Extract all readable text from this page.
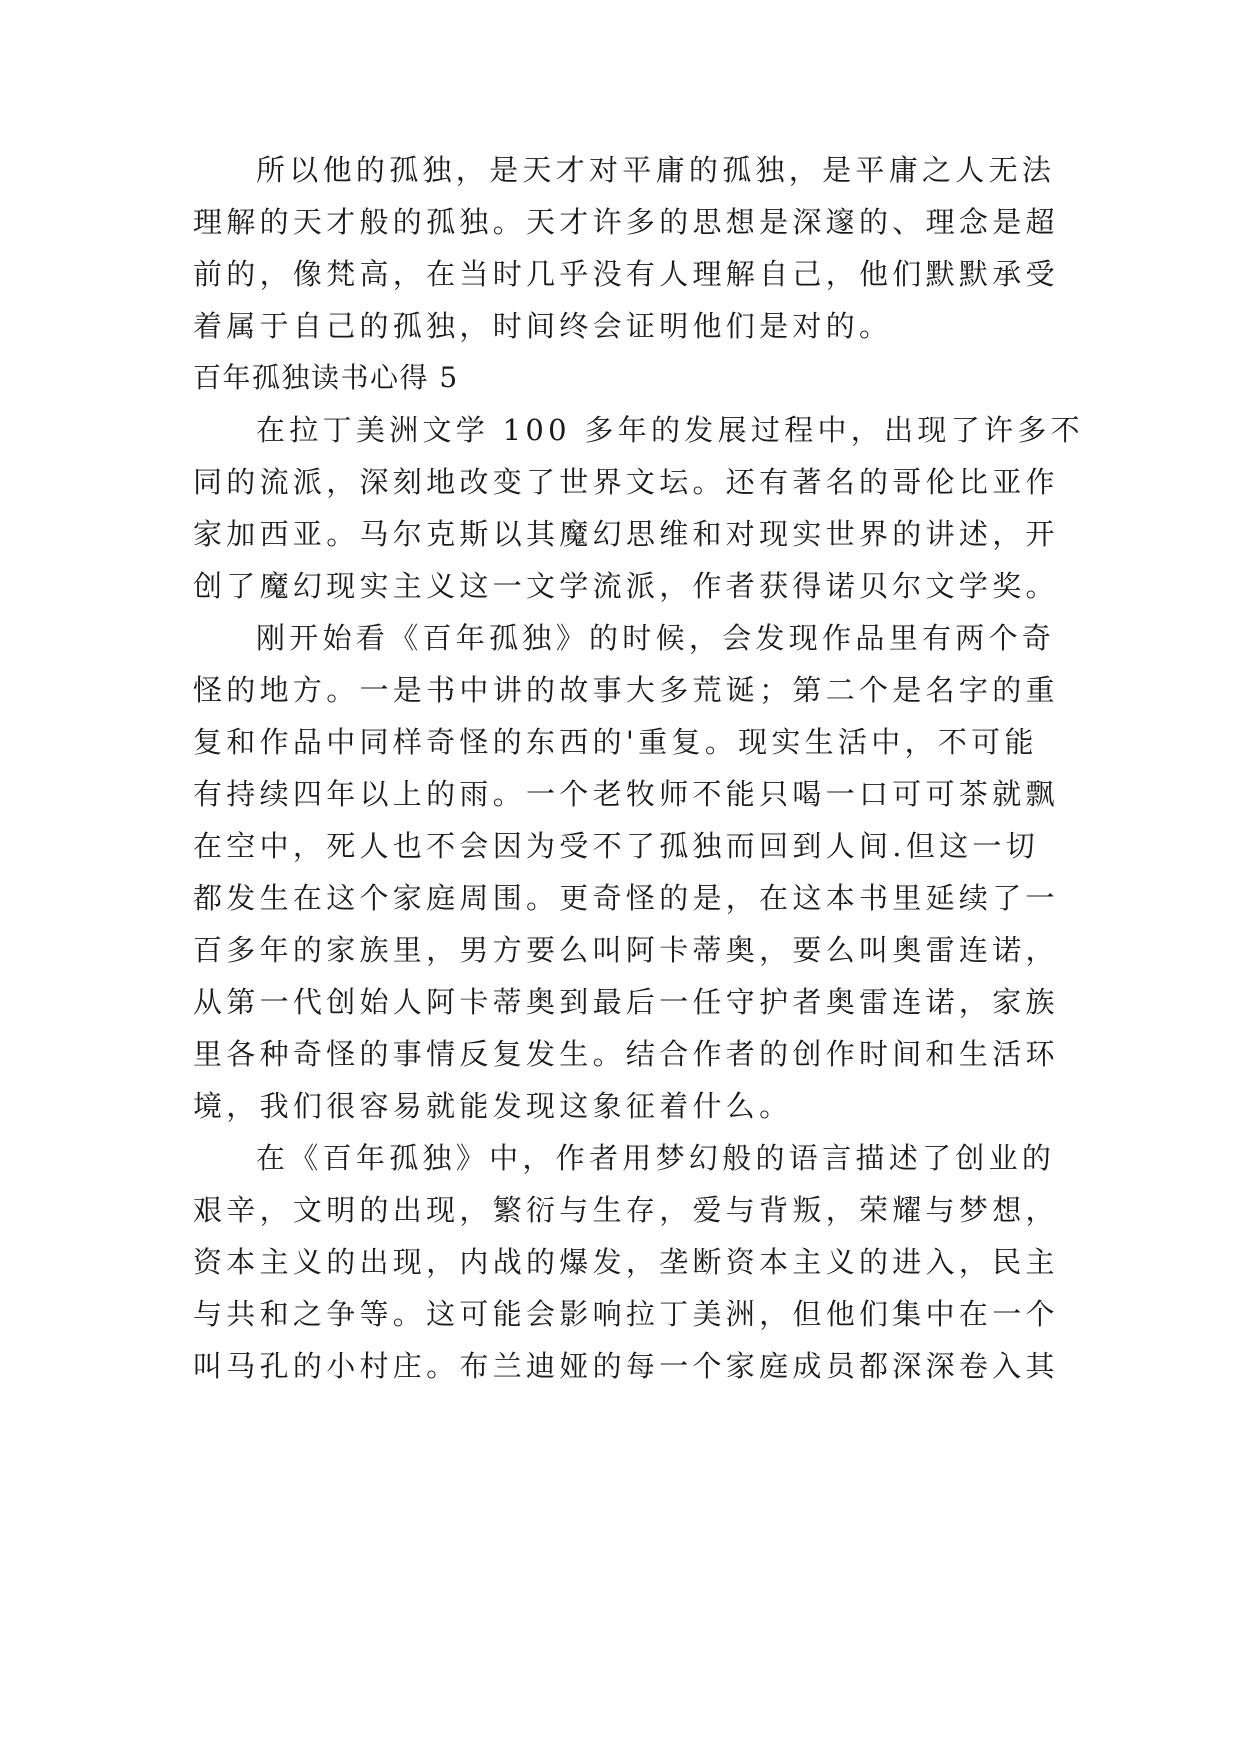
所以他的孤独，是天才对平庸的孤独，是平庸之人无法

理解的天才般的孤独。天才许多的思想是深邃的、理念是超

前的，像梵高，在当时几乎没有人理解自己，他们默默承受

着属于自己的孤独，时间终会证明他们是对的。

百年孤独读书心得 5

在拉丁美洲文学 100 多年的发展过程中，出现了许多不

同的流派，深刻地改变了世界文坛。还有著名的哥伦比亚作

家加西亚。马尔克斯以其魔幻思维和对现实世界的讲述，开

创了魔幻现实主义这一文学流派，作者获得诺贝尔文学奖。

刚开始看《百年孤独》的时候，会发现作品里有两个奇

怪的地方。一是书中讲的故事大多荒诞；第二个是名字的重

复和作品中同样奇怪的东西的'重复。现实生活中，不可能

有持续四年以上的雨。一个老牧师不能只喝一口可可茶就飘

在空中，死人也不会因为受不了孤独而回到人间.但这一切

都发生在这个家庭周围。更奇怪的是，在这本书里延续了一

百多年的家族里，男方要么叫阿卡蒂奥，要么叫奥雷连诺，

从第一代创始人阿卡蒂奥到最后一任守护者奥雷连诺，家族

里各种奇怪的事情反复发生。结合作者的创作时间和生活环

境，我们很容易就能发现这象征着什么。

在《百年孤独》中，作者用梦幻般的语言描述了创业的

艰辛，文明的出现，繁衍与生存，爱与背叛，荣耀与梦想，

资本主义的出现，内战的爆发，垄断资本主义的进入，民主

与共和之争等。这可能会影响拉丁美洲，但他们集中在一个

叫马孔的小村庄。布兰迪娅的每一个家庭成员都深深卷入其
